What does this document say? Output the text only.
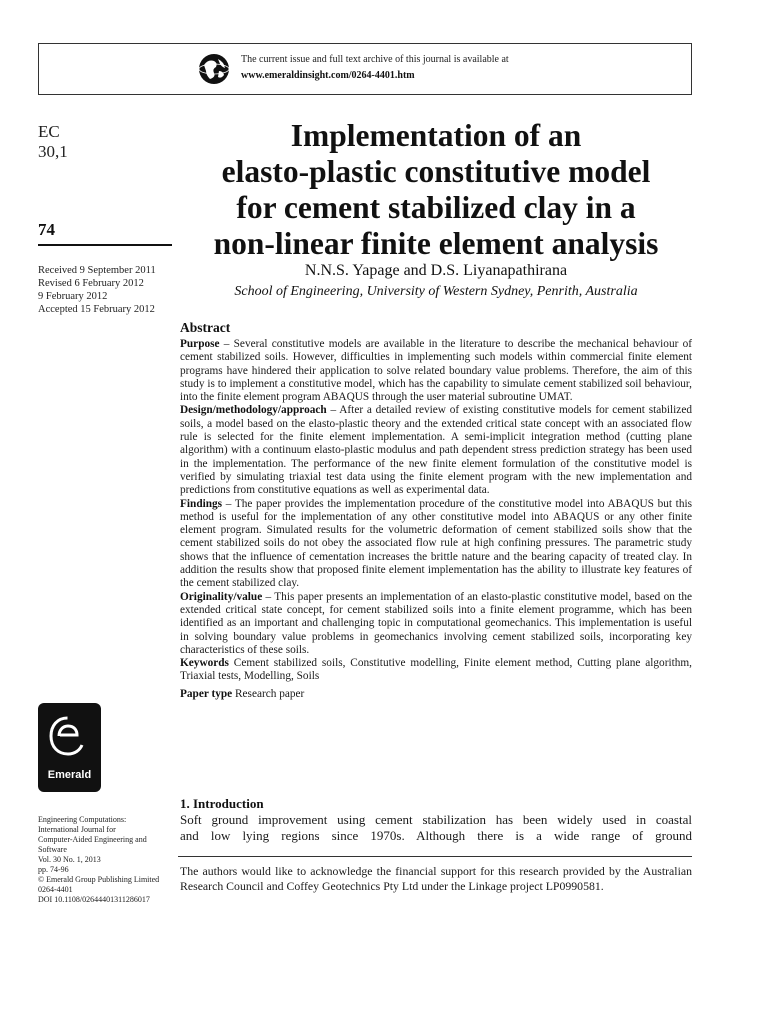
The current issue and full text archive of this journal is available at
www.emeraldinsight.com/0264-4401.htm
EC
30,1
74
Received 9 September 2011
Revised 6 February 2012
9 February 2012
Accepted 15 February 2012
Implementation of an
elasto-plastic constitutive model
for cement stabilized clay in a
non-linear finite element analysis
N.N.S. Yapage and D.S. Liyanapathirana
School of Engineering, University of Western Sydney, Penrith, Australia
Abstract

Purpose – Several constitutive models are available in the literature to describe the mechanical behaviour of cement stabilized soils. However, difficulties in implementing such models within commercial finite element programs have hindered their application to solve related boundary value problems. Therefore, the aim of this study is to implement a constitutive model, which has the capability to simulate cement stabilized soil behaviour, into the finite element program ABAQUS through the user material subroutine UMAT.

Design/methodology/approach – After a detailed review of existing constitutive models for cement stabilized soils, a model based on the elasto-plastic theory and the extended critical state concept with an associated flow rule is selected for the finite element implementation. A semi-implicit integration method (cutting plane algorithm) with a continuum elasto-plastic modulus and path dependent stress prediction strategy has been used in the implementation. The performance of the new finite element formulation of the constitutive model is verified by simulating triaxial test data using the finite element program with the new implementation and predictions from constitutive equations as well as experimental data.

Findings – The paper provides the implementation procedure of the constitutive model into ABAQUS but this method is useful for the implementation of any other constitutive model into ABAQUS or any other finite element program. Simulated results for the volumetric deformation of cement stabilized soils show that the cement stabilized soils do not obey the associated flow rule at high confining pressures. The parametric study shows that the influence of cementation increases the brittle nature and the bearing capacity of treated clay. In addition the results show that proposed finite element implementation has the ability to illustrate key features of the cement stabilized clay.

Originality/value – This paper presents an implementation of an elasto-plastic constitutive model, based on the extended critical state concept, for cement stabilized soils into a finite element programme, which has been identified as an important and challenging topic in computational geomechanics. This implementation is useful in solving boundary value problems in geomechanics involving cement stabilized soils, incorporating key characteristics of these soils.

Keywords Cement stabilized soils, Constitutive modelling, Finite element method, Cutting plane algorithm, Triaxial tests, Modelling, Soils

Paper type Research paper

Emerald
1. Introduction
Soft ground improvement using cement stabilization has been widely used in coastal
and low lying regions since 1970s. Although there is a wide range of ground
The authors would like to acknowledge the financial support for this research provided by the Australian Research Council and Coffey Geotechnics Pty Ltd under the Linkage project LP0990581.
Engineering Computations:
International Journal for
Computer-Aided Engineering and
Software
Vol. 30 No. 1, 2013
pp. 74-96
© Emerald Group Publishing Limited
0264-4401
DOI 10.1108/02644401311286017
